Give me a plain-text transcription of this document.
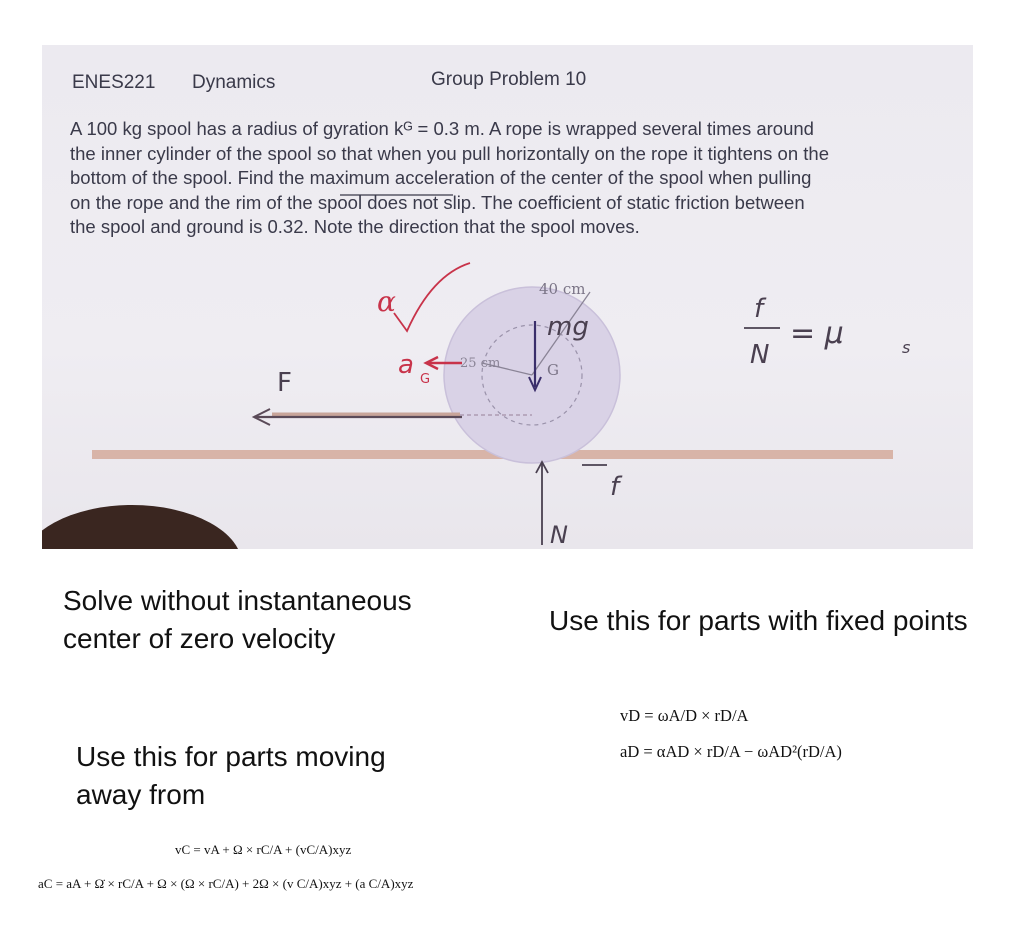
ENES221 Dynamics	Group Problem 10
A 100 kg spool has a radius of gyration kᴳ = 0.3 m. A rope is wrapped several times around
the inner cylinder of the spool so that when you pull horizontally on the rope it tightens on the
bottom of the spool. Find the maximum acceleration of the center of the spool when pulling
on the rope and the rim of the spool does not slip. The coefficient of static friction between
the spool and ground is 0.32. Note the direction that the spool moves.
F
α
a G
25 cm
mg
40 cm
G
N
f
f
N
= μ	s
Solve without instantaneous center of zero velocity
Use this for parts with fixed points
Use this for parts moving away from
vD = ωA/D × rD/A
aD = αAD × rD/A − ωAD²(rD/A)
vC = vA + Ω × rC/A + (vC/A)xyz
aC = aA + Ω̇ × rC/A + Ω × (Ω × rC/A) + 2Ω × (v C/A)xyz + (a C/A)xyz
